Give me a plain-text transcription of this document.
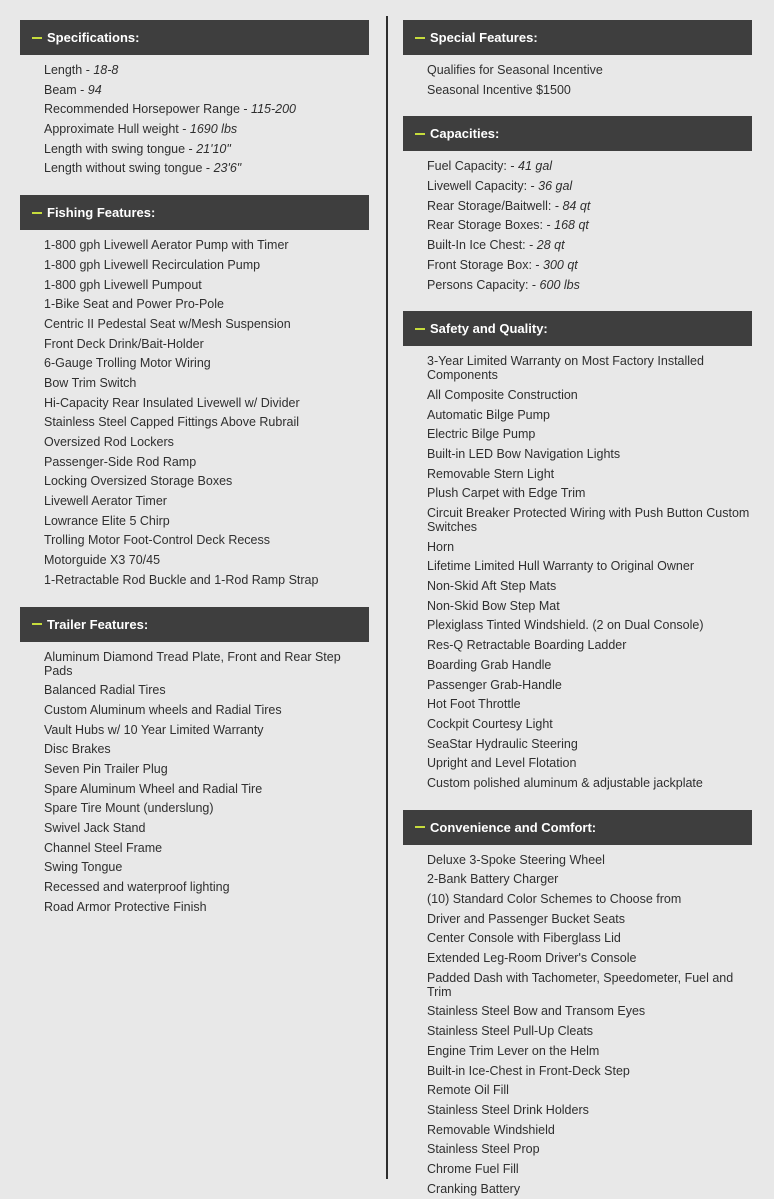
Specifications:
Length - 18-8
Beam - 94
Recommended Horsepower Range - 115-200
Approximate Hull weight - 1690 lbs
Length with swing tongue - 21'10"
Length without swing tongue - 23'6"
Fishing Features:
1-800 gph Livewell Aerator Pump with Timer
1-800 gph Livewell Recirculation Pump
1-800 gph Livewell Pumpout
1-Bike Seat and Power Pro-Pole
Centric II Pedestal Seat w/Mesh Suspension
Front Deck Drink/Bait-Holder
6-Gauge Trolling Motor Wiring
Bow Trim Switch
Hi-Capacity Rear Insulated Livewell w/ Divider
Stainless Steel Capped Fittings Above Rubrail
Oversized Rod Lockers
Passenger-Side Rod Ramp
Locking Oversized Storage Boxes
Livewell Aerator Timer
Lowrance Elite 5 Chirp
Trolling Motor Foot-Control Deck Recess
Motorguide X3 70/45
1-Retractable Rod Buckle and 1-Rod Ramp Strap
Trailer Features:
Aluminum Diamond Tread Plate, Front and Rear Step Pads
Balanced Radial Tires
Custom Aluminum wheels and Radial Tires
Vault Hubs w/ 10 Year Limited Warranty
Disc Brakes
Seven Pin Trailer Plug
Spare Aluminum Wheel and Radial Tire
Spare Tire Mount (underslung)
Swivel Jack Stand
Channel Steel Frame
Swing Tongue
Recessed and waterproof lighting
Road Armor Protective Finish
Special Features:
Qualifies for Seasonal Incentive
Seasonal Incentive $1500
Capacities:
Fuel Capacity: - 41 gal
Livewell Capacity: - 36 gal
Rear Storage/Baitwell: - 84 qt
Rear Storage Boxes: - 168 qt
Built-In Ice Chest: - 28 qt
Front Storage Box: - 300 qt
Persons Capacity: - 600 lbs
Safety and Quality:
3-Year Limited Warranty on Most Factory Installed Components
All Composite Construction
Automatic Bilge Pump
Electric Bilge Pump
Built-in LED Bow Navigation Lights
Removable Stern Light
Plush Carpet with Edge Trim
Circuit Breaker Protected Wiring with Push Button Custom Switches
Horn
Lifetime Limited Hull Warranty to Original Owner
Non-Skid Aft Step Mats
Non-Skid Bow Step Mat
Plexiglass Tinted Windshield. (2 on Dual Console)
Res-Q Retractable Boarding Ladder
Boarding Grab Handle
Passenger Grab-Handle
Hot Foot Throttle
Cockpit Courtesy Light
SeaStar Hydraulic Steering
Upright and Level Flotation
Custom polished aluminum & adjustable jackplate
Convenience and Comfort:
Deluxe 3-Spoke Steering Wheel
2-Bank Battery Charger
(10) Standard Color Schemes to Choose from
Driver and Passenger Bucket Seats
Center Console with Fiberglass Lid
Extended Leg-Room Driver's Console
Padded Dash with Tachometer, Speedometer, Fuel and Trim
Stainless Steel Bow and Transom Eyes
Stainless Steel Pull-Up Cleats
Engine Trim Lever on the Helm
Built-in Ice-Chest in Front-Deck Step
Remote Oil Fill
Stainless Steel Drink Holders
Removable Windshield
Stainless Steel Prop
Chrome Fuel Fill
Cranking Battery
